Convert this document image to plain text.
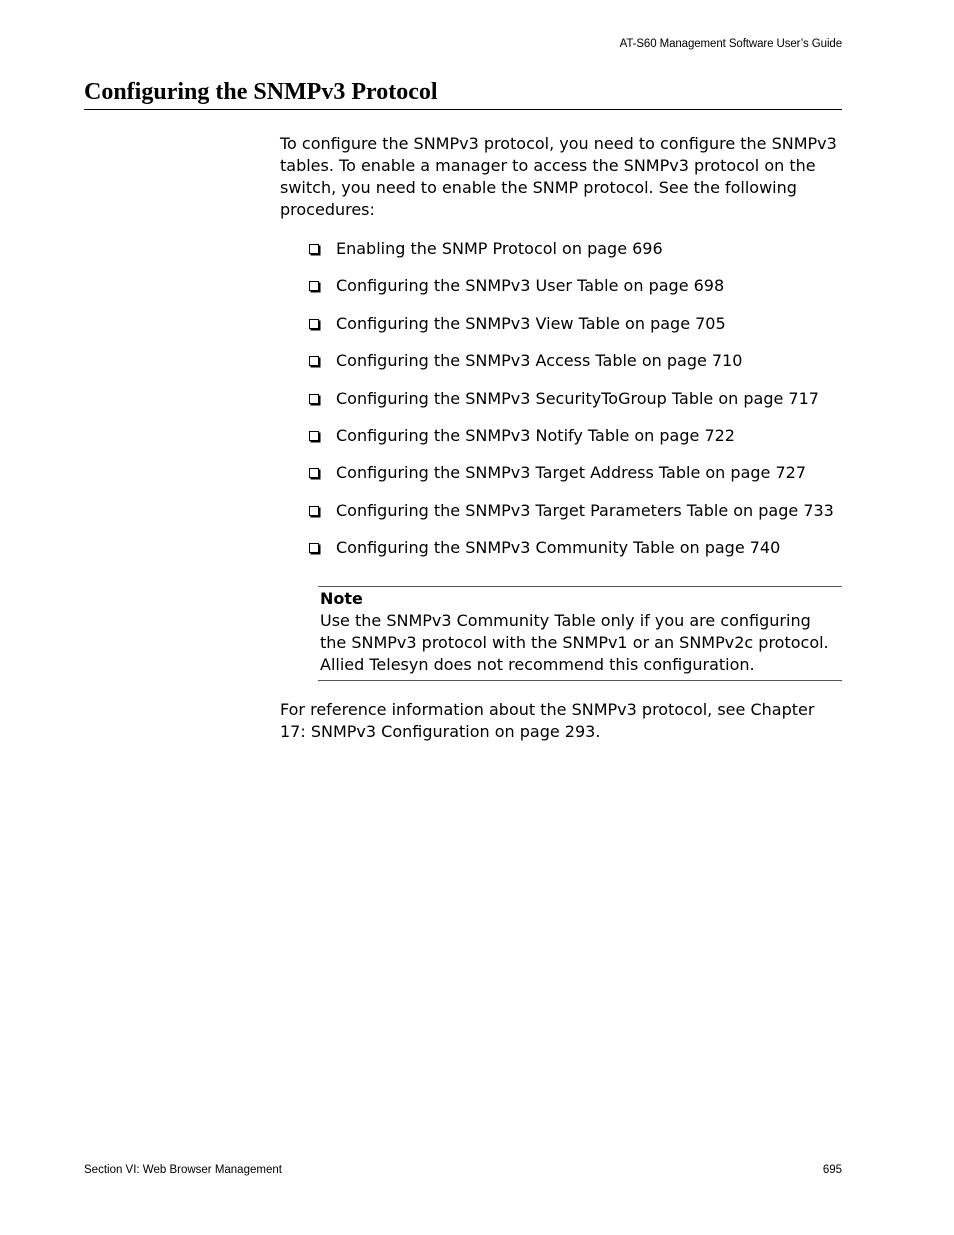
AT-S60 Management Software User’s Guide
Configuring the SNMPv3 Protocol

To configure the SNMPv3 protocol, you need to configure the SNMPv3 tables. To enable a manager to access the SNMPv3 protocol on the switch, you need to enable the SNMP protocol. See the following procedures:

Enabling the SNMP Protocol on page 696
Configuring the SNMPv3 User Table on page 698
Configuring the SNMPv3 View Table on page 705
Configuring the SNMPv3 Access Table on page 710
Configuring the SNMPv3 SecurityToGroup Table on page 717
Configuring the SNMPv3 Notify Table on page 722
Configuring the SNMPv3 Target Address Table on page 727
Configuring the SNMPv3 Target Parameters Table on page 733
Configuring the SNMPv3 Community Table on page 740
Note

Use the SNMPv3 Community Table only if you are configuring the SNMPv3 protocol with the SNMPv1 or an SNMPv2c protocol. Allied Telesyn does not recommend this configuration.

For reference information about the SNMPv3 protocol, see Chapter 17: SNMPv3 Configuration on page 293.

Section VI: Web Browser Management	695
